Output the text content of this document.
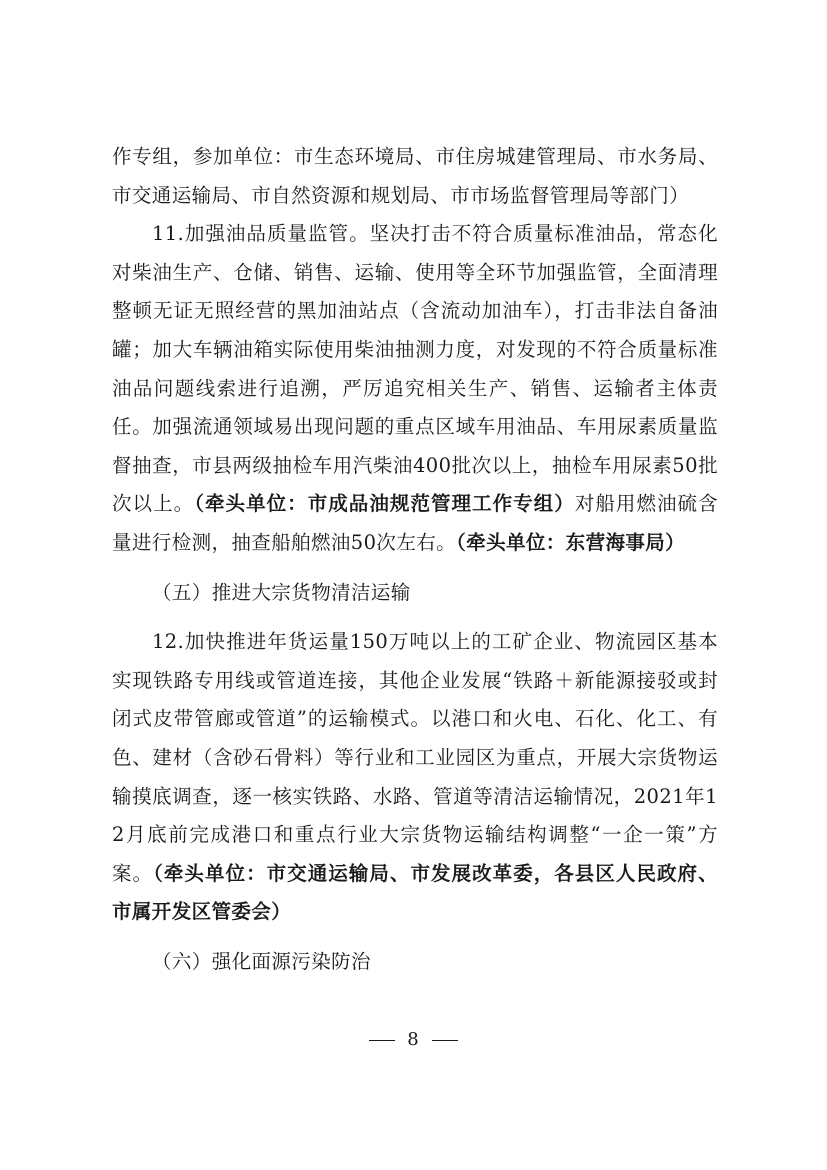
作专组，参加单位：市生态环境局、市住房城建管理局、市水务局、市交通运输局、市自然资源和规划局、市市场监督管理局等部门）

11.加强油品质量监管。坚决打击不符合质量标准油品，常态化对柴油生产、仓储、销售、运输、使用等全环节加强监管，全面清理整顿无证无照经营的黑加油站点（含流动加油车），打击非法自备油罐；加大车辆油箱实际使用柴油抽测力度，对发现的不符合质量标准油品问题线索进行追溯，严厉追究相关生产、销售、运输者主体责任。加强流通领域易出现问题的重点区域车用油品、车用尿素质量监督抽查，市县两级抽检车用汽柴油400批次以上，抽检车用尿素50批次以上。（牵头单位：市成品油规范管理工作专组）对船用燃油硫含量进行检测，抽查船舶燃油50次左右。（牵头单位：东营海事局）

（五）推进大宗货物清洁运输

12.加快推进年货运量150万吨以上的工矿企业、物流园区基本实现铁路专用线或管道连接，其他企业发展“铁路＋新能源接驳或封闭式皮带管廊或管道”的运输模式。以港口和火电、石化、化工、有色、建材（含砂石骨料）等行业和工业园区为重点，开展大宗货物运输摸底调查，逐一核实铁路、水路、管道等清洁运输情况，2021年12月底前完成港口和重点行业大宗货物运输结构调整“一企一策”方案。（牵头单位：市交通运输局、市发展改革委，各县区人民政府、市属开发区管委会）

（六）强化面源污染防治

8
